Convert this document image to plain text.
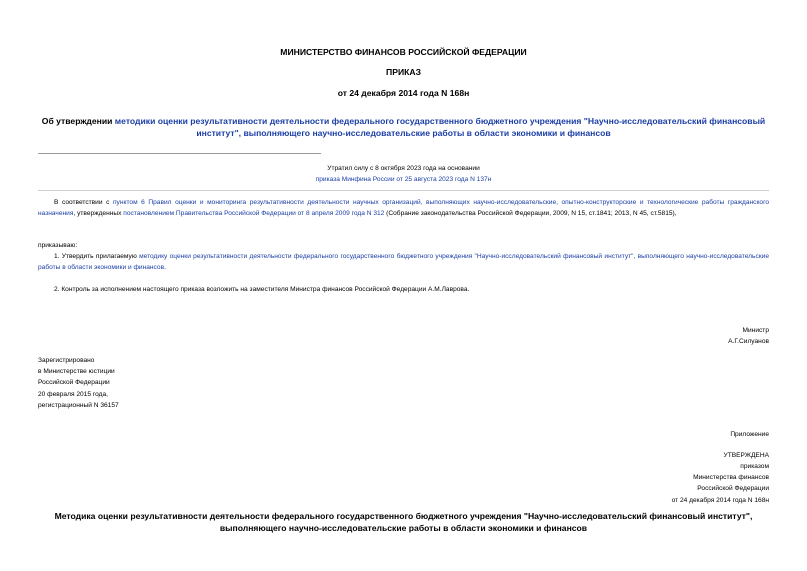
МИНИСТЕРСТВО ФИНАНСОВ РОССИЙСКОЙ ФЕДЕРАЦИИ
ПРИКАЗ
от 24 декабря 2014 года N 168н
Об утверждении методики оценки результативности деятельности федерального государственного бюджетного учреждения "Научно-исследовательский финансовый институт", выполняющего научно-исследовательские работы в области экономики и финансов
Утратил силу с 8 октября 2023 года на основании
приказа Минфина России от 25 августа 2023 года N 137н
В соответствии с пунктом 6 Правил оценки и мониторинга результативности деятельности научных организаций, выполняющих научно-исследовательские, опытно-конструкторские и технологические работы гражданского назначения, утвержденных постановлением Правительства Российской Федерации от 8 апреля 2009 года N 312 (Собрание законодательства Российской Федерации, 2009, N 15, ст.1841; 2013, N 45, ст.5815),
приказываю:
1. Утвердить прилагаемую методику оценки результативности деятельности федерального государственного бюджетного учреждения "Научно-исследовательский финансовый институт", выполняющего научно-исследовательские работы в области экономики и финансов.
2. Контроль за исполнением настоящего приказа возложить на заместителя Министра финансов Российской Федерации А.М.Лаврова.
Министр
А.Г.Силуанов
Зарегистрировано
в Министерстве юстиции
Российской Федерации
20 февраля 2015 года,
регистрационный N 36157
Приложение
УТВЕРЖДЕНА
приказом
Министерства финансов
Российской Федерации
от 24 декабря 2014 года N 168н
Методика оценки результативности деятельности федерального государственного бюджетного учреждения "Научно-исследовательский финансовый институт",
выполняющего научно-исследовательские работы в области экономики и финансов
